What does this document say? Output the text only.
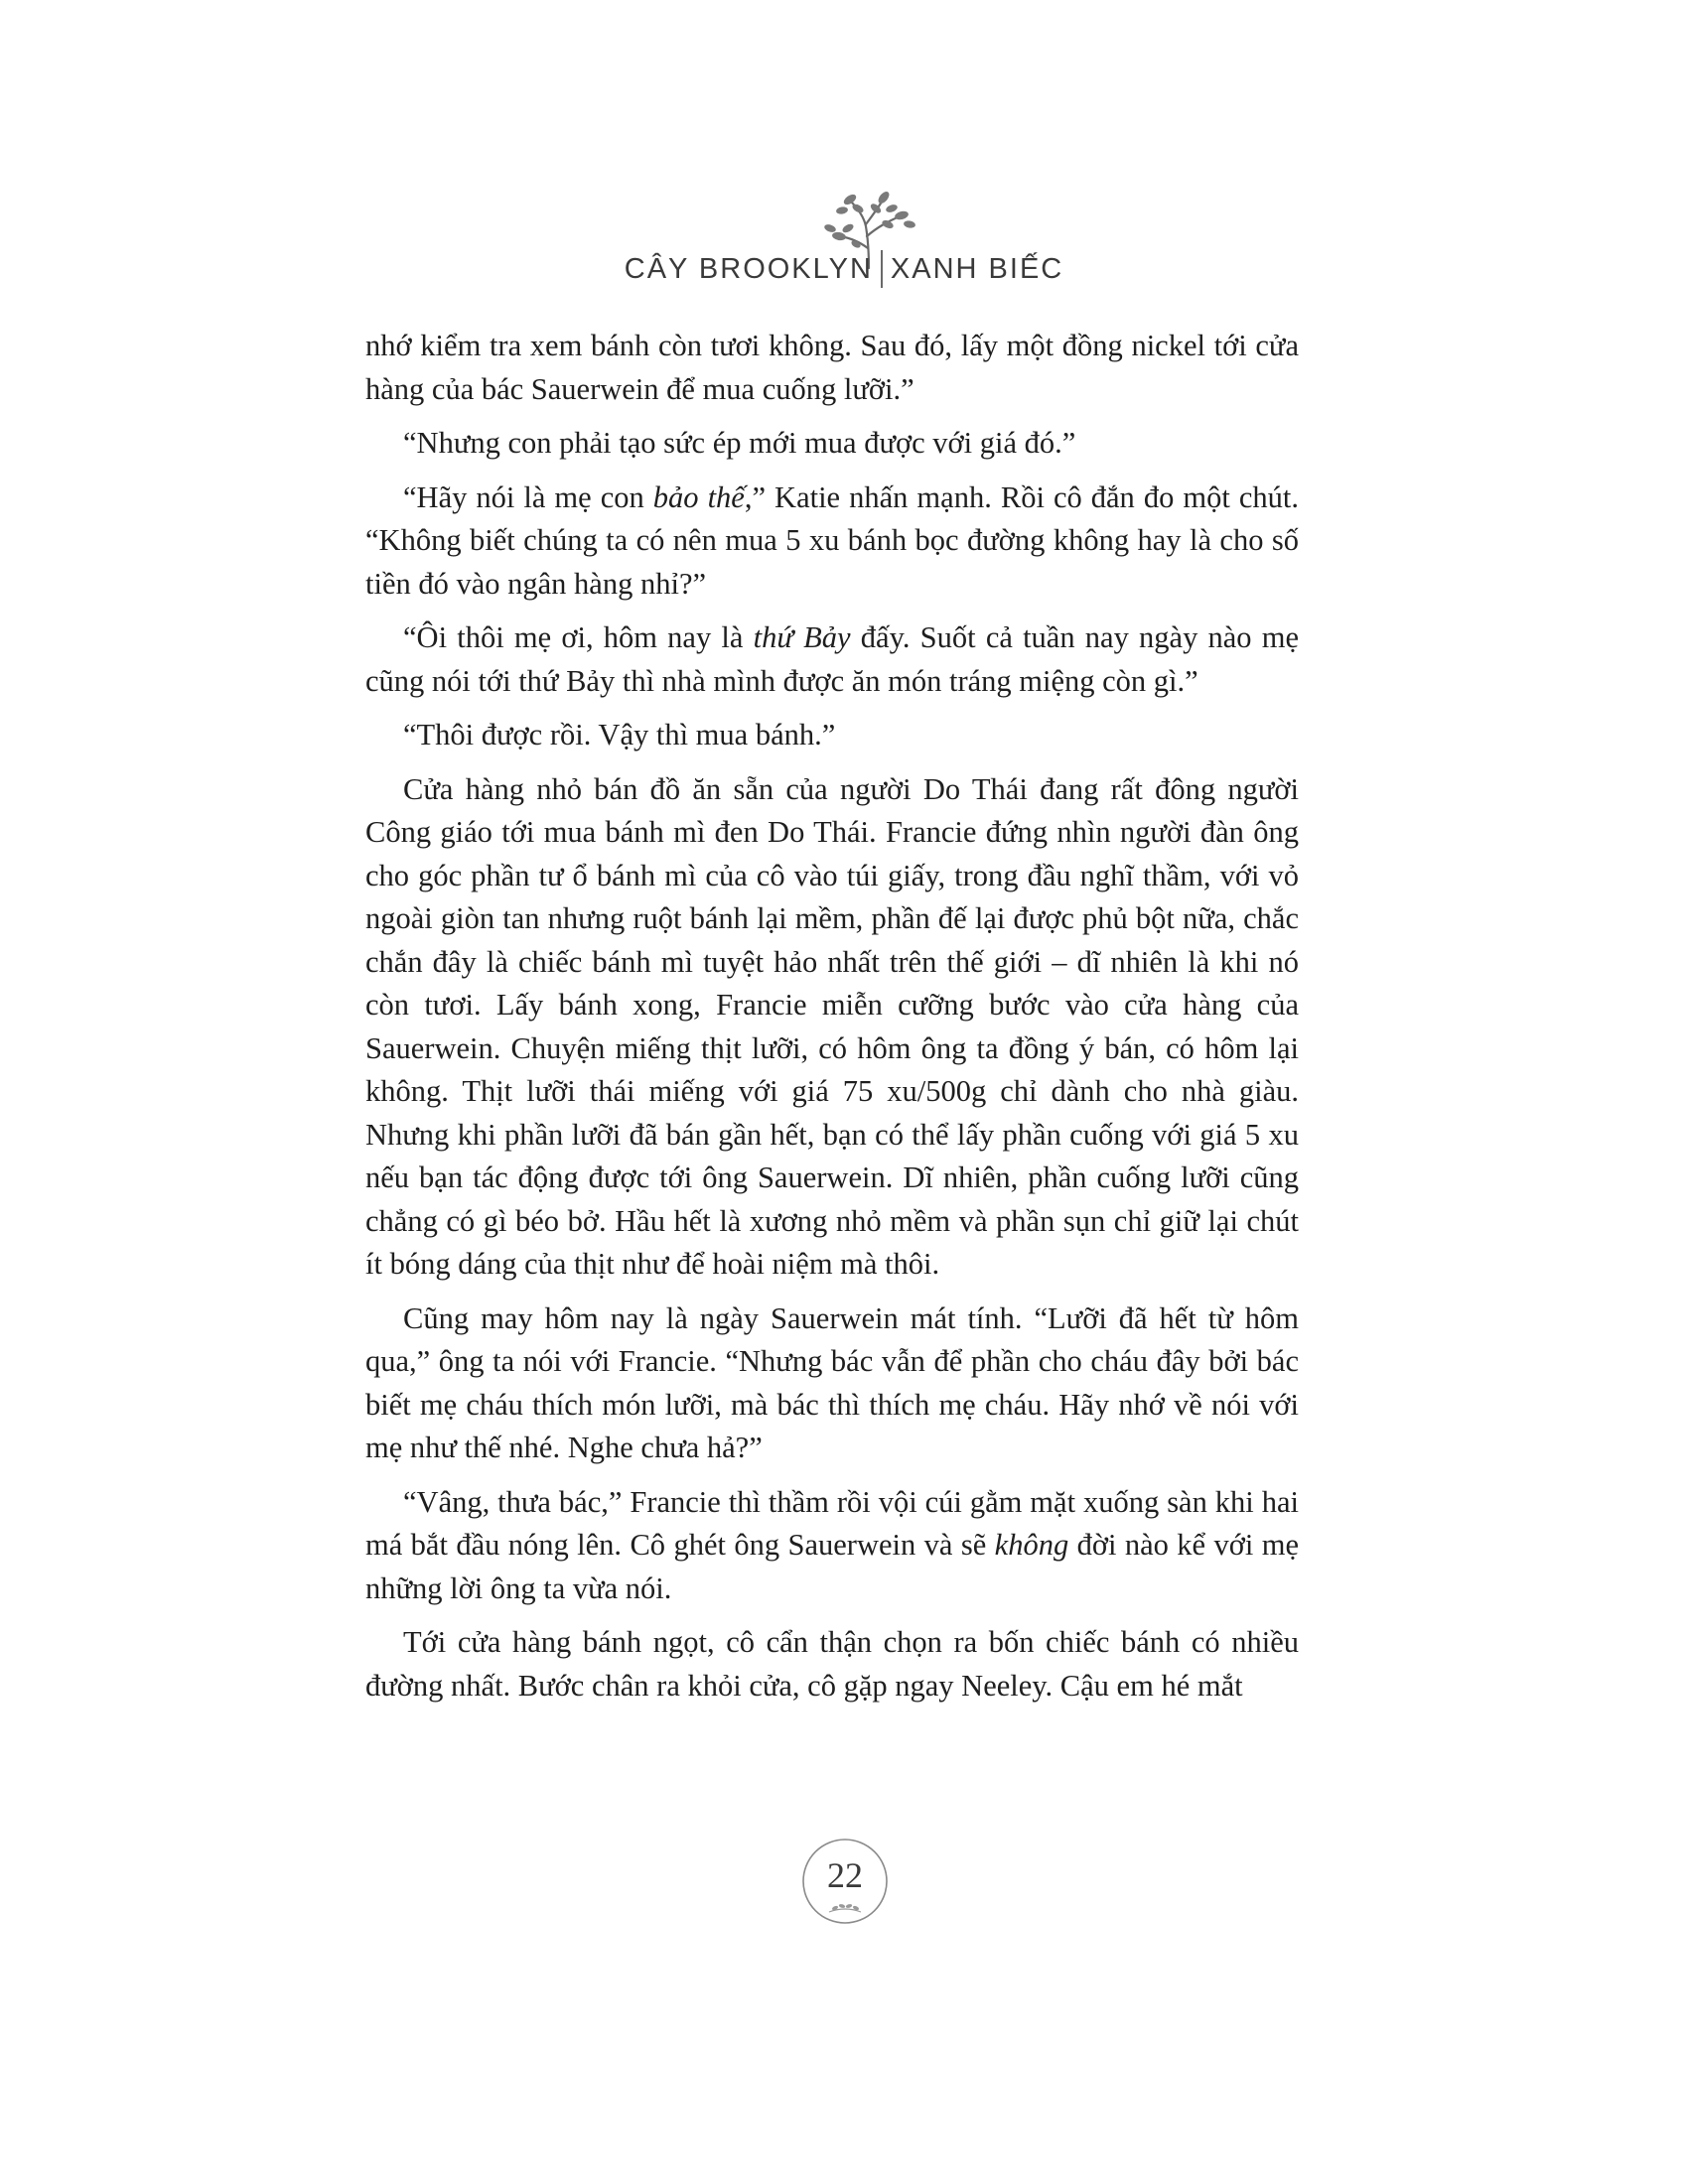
CÂY BROOKLYN XANH BIẾC

nhớ kiểm tra xem bánh còn tươi không. Sau đó, lấy một đồng nickel tới cửa hàng của bác Sauerwein để mua cuống lưỡi.”

“Nhưng con phải tạo sức ép mới mua được với giá đó.”

“Hãy nói là mẹ con bảo thế,” Katie nhấn mạnh. Rồi cô đắn đo một chút. “Không biết chúng ta có nên mua 5 xu bánh bọc đường không hay là cho số tiền đó vào ngân hàng nhỉ?”

“Ôi thôi mẹ ơi, hôm nay là thứ Bảy đấy. Suốt cả tuần nay ngày nào mẹ cũng nói tới thứ Bảy thì nhà mình được ăn món tráng miệng còn gì.”

“Thôi được rồi. Vậy thì mua bánh.”

Cửa hàng nhỏ bán đồ ăn sẵn của người Do Thái đang rất đông người Công giáo tới mua bánh mì đen Do Thái. Francie đứng nhìn người đàn ông cho góc phần tư ổ bánh mì của cô vào túi giấy, trong đầu nghĩ thầm, với vỏ ngoài giòn tan nhưng ruột bánh lại mềm, phần đế lại được phủ bột nữa, chắc chắn đây là chiếc bánh mì tuyệt hảo nhất trên thế giới – dĩ nhiên là khi nó còn tươi. Lấy bánh xong, Francie miễn cưỡng bước vào cửa hàng của Sauerwein. Chuyện miếng thịt lưỡi, có hôm ông ta đồng ý bán, có hôm lại không. Thịt lưỡi thái miếng với giá 75 xu/500g chỉ dành cho nhà giàu. Nhưng khi phần lưỡi đã bán gần hết, bạn có thể lấy phần cuống với giá 5 xu nếu bạn tác động được tới ông Sauerwein. Dĩ nhiên, phần cuống lưỡi cũng chẳng có gì béo bở. Hầu hết là xương nhỏ mềm và phần sụn chỉ giữ lại chút ít bóng dáng của thịt như để hoài niệm mà thôi.

Cũng may hôm nay là ngày Sauerwein mát tính. “Lưỡi đã hết từ hôm qua,” ông ta nói với Francie. “Nhưng bác vẫn để phần cho cháu đây bởi bác biết mẹ cháu thích món lưỡi, mà bác thì thích mẹ cháu. Hãy nhớ về nói với mẹ như thế nhé. Nghe chưa hả?”

“Vâng, thưa bác,” Francie thì thầm rồi vội cúi gằm mặt xuống sàn khi hai má bắt đầu nóng lên. Cô ghét ông Sauerwein và sẽ không đời nào kể với mẹ những lời ông ta vừa nói.

Tới cửa hàng bánh ngọt, cô cẩn thận chọn ra bốn chiếc bánh có nhiều đường nhất. Bước chân ra khỏi cửa, cô gặp ngay Neeley. Cậu em hé mắt

22
